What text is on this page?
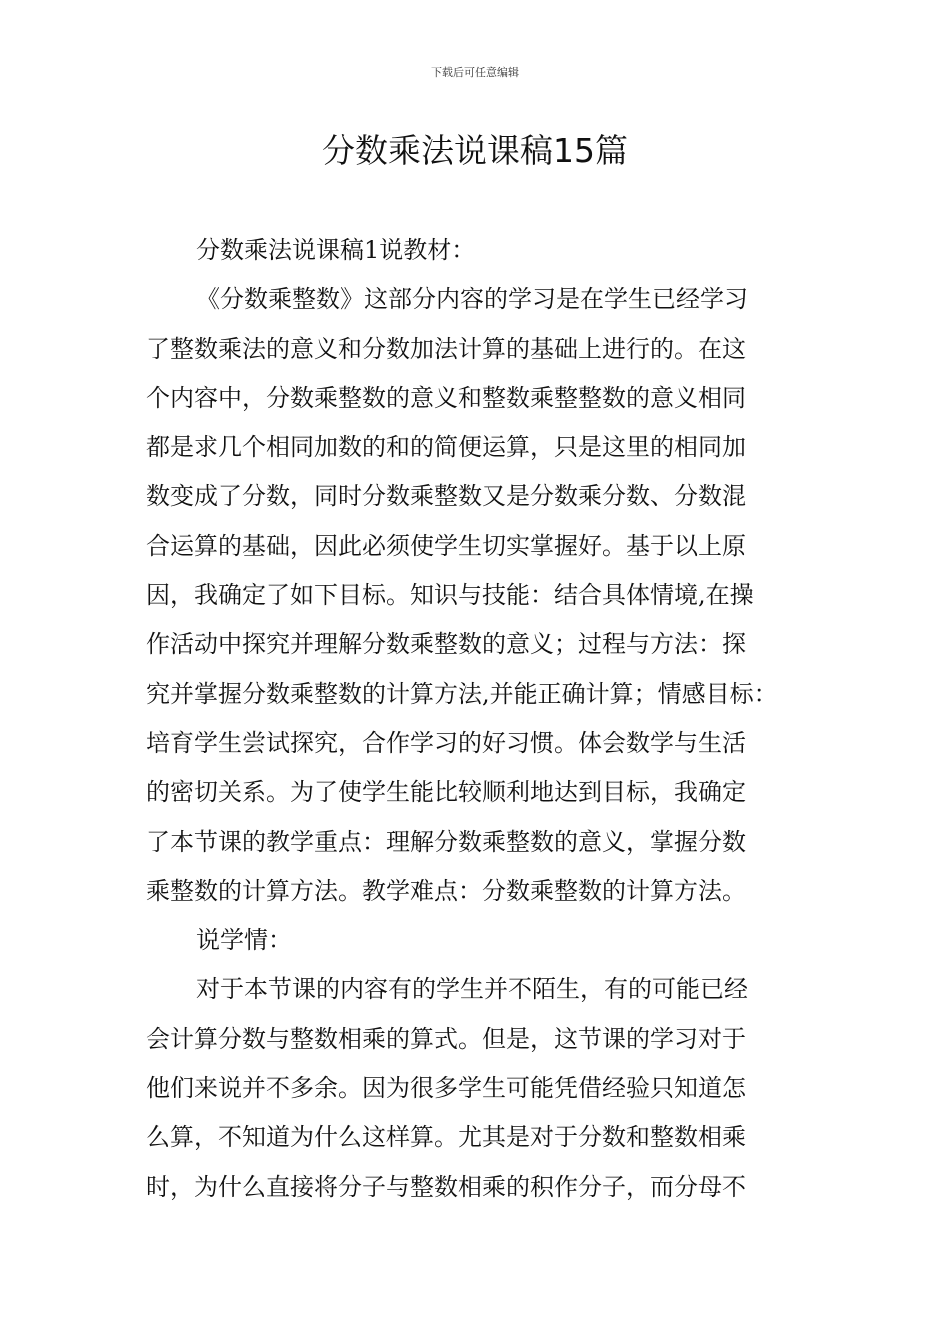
下载后可任意编辑
分数乘法说课稿15篇
分数乘法说课稿1说教材：
《分数乘整数》这部分内容的学习是在学生已经学习
了整数乘法的意义和分数加法计算的基础上进行的。在这
个内容中，分数乘整数的意义和整数乘整整数的意义相同
都是求几个相同加数的和的简便运算，只是这里的相同加
数变成了分数，同时分数乘整数又是分数乘分数、分数混
合运算的基础，因此必须使学生切实掌握好。基于以上原
因，我确定了如下目标。知识与技能：结合具体情境,在操
作活动中探究并理解分数乘整数的意义；过程与方法：探
究并掌握分数乘整数的计算方法,并能正确计算；情感目标：
培育学生尝试探究，合作学习的好习惯。体会数学与生活
的密切关系。为了使学生能比较顺利地达到目标，我确定
了本节课的教学重点：理解分数乘整数的意义，掌握分数
乘整数的计算方法。教学难点：分数乘整数的计算方法。
说学情：
对于本节课的内容有的学生并不陌生，有的可能已经
会计算分数与整数相乘的算式。但是，这节课的学习对于
他们来说并不多余。因为很多学生可能凭借经验只知道怎
么算，不知道为什么这样算。尤其是对于分数和整数相乘
时，为什么直接将分子与整数相乘的积作分子，而分母不
